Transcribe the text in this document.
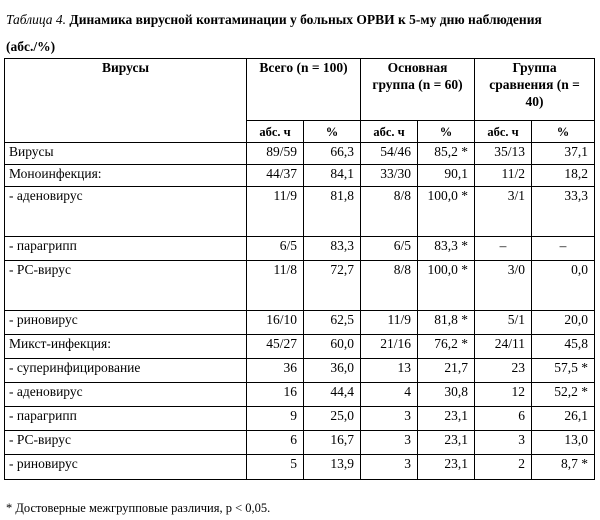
Таблица 4. Динамика вирусной контаминации у больных ОРВИ к 5-му дню наблюдения (абс./%)
Вирусы	Всего (n = 100)		Основная группа (n = 60)		Группа сравнения (n = 40)	
	абс. ч	%	абс. ч	%	абс. ч	%
Вирусы	89/59	66,3	54/46	85,2 *	35/13	37,1
Моноинфекция:	44/37	84,1	33/30	90,1	11/2	18,2
- аденовирус	11/9	81,8	8/8	100,0 *	3/1	33,3
- парагрипп	6/5	83,3	6/5	83,3 *	–	–
- РС-вирус	11/8	72,7	8/8	100,0 *	3/0	0,0
- риновирус	16/10	62,5	11/9	81,8 *	5/1	20,0
Микст-инфекция:	45/27	60,0	21/16	76,2 *	24/11	45,8
- суперинфицирование	36	36,0	13	21,7	23	57,5 *
- аденовирус	16	44,4	4	30,8	12	52,2 *
- парагрипп	9	25,0	3	23,1	6	26,1
- РС-вирус	6	16,7	3	23,1	3	13,0
- риновирус	5	13,9	3	23,1	2	8,7 *
* Достоверные межгрупповые различия, р < 0,05.
